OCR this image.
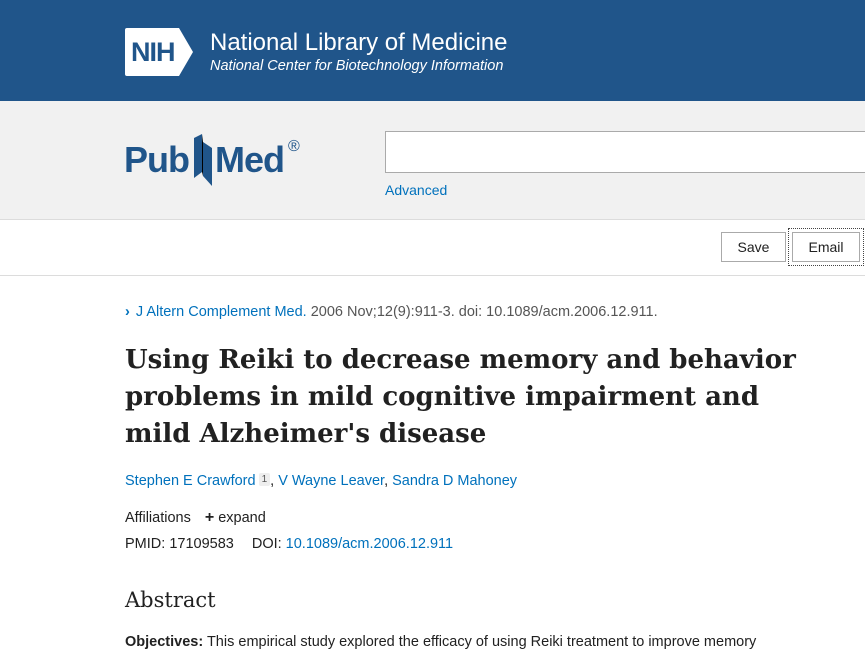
NIH National Library of Medicine
National Center for Biotechnology Information
Pub Med ®
Advanced
Save	Email
› J Altern Complement Med. 2006 Nov;12(9):911-3. doi: 10.1089/acm.2006.12.911.
Using Reiki to decrease memory and behavior problems in mild cognitive impairment and mild Alzheimer's disease
Stephen E Crawford 1 , V Wayne Leaver, Sandra D Mahoney
Affiliations + expand
PMID: 17109583 DOI: 10.1089/acm.2006.12.911
Abstract

Objectives: This empirical study explored the efficacy of using Reiki treatment to improve memory
